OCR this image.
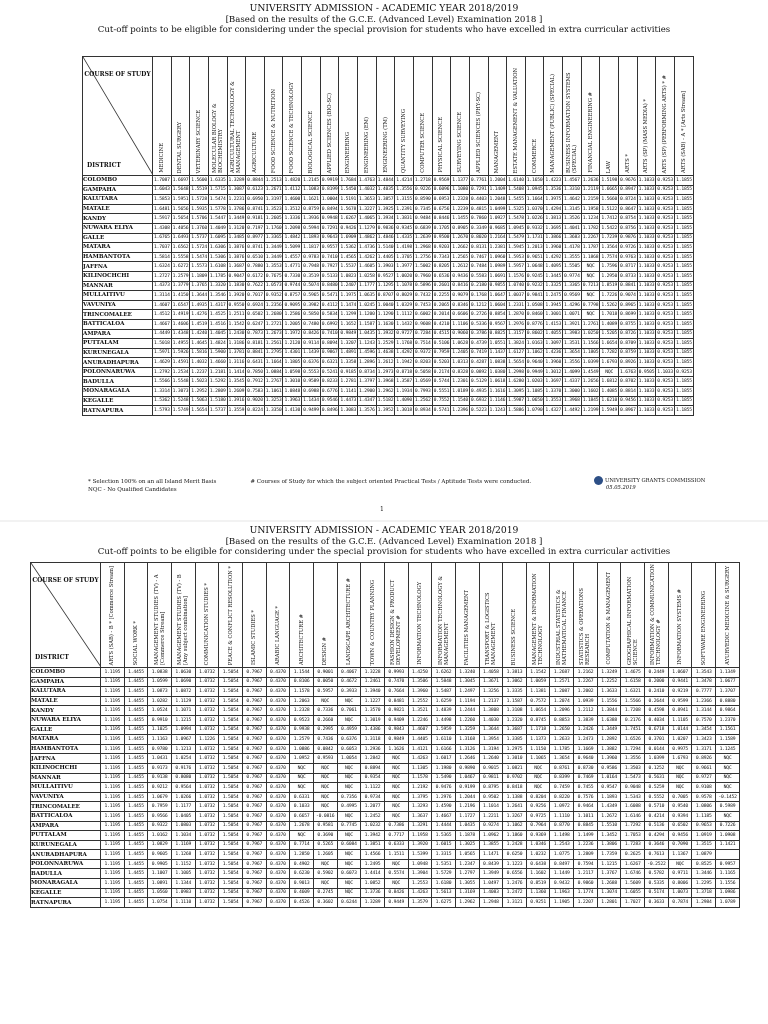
UNIVERSITY ADMISSION - ACADEMIC YEAR 2018/2019
[Based on the results of the G.C.E. (Advanced Level) Examination 2018 ]
Cut-off points to be eligible for considering under the special provision for students who have excelled in extra curricular activities
COURSE OF STUDY
DISTRICT	MEDICINE	DENTAL SURGERY	VETERINARY SCIENCE	MOLECULAR BIOLOGY & BIOCHEMISTRY	AGRICULTURAL TECHNOLOGY & MANAGEMENT	AGRICULTURE	FOOD SCIENCE & NUTRITION	FOOD SCIENCE & TECHNOLOGY	BIOLOGICAL SCIENCE	APPLIED SCIENCES (BIO-SC)	ENGINEERING	ENGINEERING (EM)	ENGINEERING (TM)	QUANTITY SURVEYING	COMPUTER SCIENCE	PHYSICAL SCIENCE	SURVEYING SCIENCE	APPLIED SCIENCES (PHY-SC)	MANAGEMENT	ESTATE MANAGEMENT & VALUATION	COMMERCE	MANAGEMENT (PUBLIC) (SPECIAL)	BUSINESS INFORMATION SYSTEMS (SPECIAL)	FINANCIAL ENGINEERING #	LAW	ARTS *	ARTS (SP) (MASS MEDIA) *	ARTS (SP) (PERFORMING ARTS) * #	ARTS (SAB) - A * [Arts Stream]

COLOMBO	1.7087	1.6697	1.5600	1.6335	1.3289	0.8844	1.2513	1.4820	1.2145	0.9919	1.7684	1.4763	1.4844	1.4214	1.2718	0.9569	1.1377	0.7761	1.2004	1.6140	1.1650	1.4223	1.4567	1.2636	1.5198	0.9676	1.1033	0.9253	1.1855
GAMPAHA	1.6043	1.5648	1.5519	1.5715	1.3087	0.6123	1.2671	1.4112	1.1083	0.8199	1.5450	1.4032	1.4035	1.3556	0.9226	0.6096	1.1080	0.7291	1.1409	1.5408	1.0945	1.3536	1.3310	1.2119	1.6665	0.8947	1.1033	0.9253	1.1855
KALUTARA	1.5853	1.5951	1.5728	1.5474	1.2231	0.6950	1.3197	1.4600	1.1621	1.0004	1.5191	1.3653	1.3857	1.3155	0.8590	0.6953	1.2328	0.4403	1.2048	1.5455	1.1664	1.3975	1.4642	1.2159	1.5660	0.8724	1.1033	0.9253	1.1855
MATALE	1.6481	1.5656	1.5935	1.5778	1.3786	0.8741	1.3523	1.3512	0.8759	0.8494	1.5678	1.3227	1.3925	1.2391	0.7345	0.6756	1.2239	0.4815	1.0499	1.5325	1.0370	1.4294	1.3145	1.1958	1.5122	0.8647	1.1033	0.9253	1.1855
KANDY	1.5917	1.5654	1.5706	1.5447	1.3449	0.9181	1.2605	1.3336	1.3936	0.9948	1.6267	1.4065	1.3934	1.3831	0.9484	0.8446	1.1455	0.7860	1.0927	1.5478	1.0226	1.3813	1.3526	1.1234	1.7412	0.8754	1.1033	0.9253	1.1855
NUWARA ELIYA	1.4308	1.4056	1.3760	1.4049	1.3120	0.7197	1.1760	1.2098	0.5994	0.7291	0.9426	1.1279	0.9836	0.9345	0.6839	0.1705	0.8905	0.3349	0.9685	1.0945	0.9332	1.3695	1.4041	1.1782	1.5422	0.8756	1.1033	0.9253	1.1855
GALLE	1.6765	1.6493	1.5737	1.6095	1.3485	0.8977	1.3365	1.4842	1.1893	0.9643	1.6909	1.4862	1.4846	1.4335	1.2639	0.9500	1.2670	0.8020	1.2164	1.5479	1.1731	1.3866	1.3683	1.2267	1.7239	0.9876	1.1033	0.9253	1.1855
MATARA	1.7037	1.6562	1.5724	1.6306	1.3876	0.8741	1.3449	1.5099	1.1817	0.9557	1.5362	1.4736	1.5140	1.4198	1.2968	0.9203	1.2662	0.8131	1.2381	1.5945	1.2013	1.3960	1.4178	1.1787	1.3564	0.9726	1.1033	0.9253	1.1855
HAMBANTOTA	1.5814	1.5558	1.5474	1.5306	1.3876	0.6510	1.3449	1.4557	0.9783	0.7410	1.4565	1.4262	1.4405	1.3705	1.2756	0.7343	1.2565	0.7467	1.0960	1.5953	0.9651	1.4292	1.3555	1.1868	1.7574	0.9763	1.1033	0.9253	1.1855
JAFFNA	1.6324	1.6272	1.5573	1.6108	1.3687	0.7880	1.3553	1.4771	0.7948	0.7927	1.5537	1.4605	1.3903	1.3977	1.5002	0.8205	1.2612	0.7484	1.0989	1.5957	1.0648	1.4095	1.5505	NQC	1.7596	0.8717	1.1033	0.9253	1.1855
KILINOCHCHI	1.2727	1.2579	1.1809	1.1785	0.9047	0.6172	0.7675	0.7330	0.3519	0.5133	1.0823	1.0258	0.9527	1.0020	0.7960	0.6536	0.9436	0.5583	1.0691	1.1576	0.9245	1.3445	0.9774	NQC	1.2950	0.8733	1.1033	0.9253	1.1855
MANNAR	1.4373	1.3779	1.3765	1.3320	1.1830	0.7622	1.0573	0.9744	0.5074	0.8480	1.2407	1.1777	1.1295	1.1078	0.5896	0.2601	0.8416	0.2180	0.9855	1.0740	0.9232	1.3325	1.3365	0.7213	1.8519	0.8841	1.1033	0.9253	1.1855
MULLAITIVU	1.3114	1.4150	1.3644	1.3546	1.3920	0.7017	0.9352	0.8757	0.5965	0.5471	1.1975	1.0635	0.8707	0.8029	0.7432	0.2255	0.9079	0.1768	1.0647	1.0037	0.9841	1.2475	0.9569	NQC	1.7226	0.9074	1.1033	0.9253	1.1855
VAVUNIYA	1.4607	1.6547	1.4935	1.4317	0.9550	0.6924	1.2356	0.9095	0.3982	0.4112	1.1474	1.0245	1.0040	1.0329	0.7453	0.2065	0.8346	0.1212	1.0604	1.2331	1.0508	1.3945	1.4296	0.7798	1.5262	0.8965	1.1033	0.9253	1.1855
TRINCOMALEE	1.4512	1.4919	1.4276	1.4525	1.2511	0.6502	1.2680	1.2586	0.5850	0.5834	1.1299	1.1200	1.1290	1.1112	0.6002	0.2014	0.6606	0.2726	0.8854	1.2870	0.8460	1.3001	1.0071	NQC	1.7018	0.8699	1.1033	0.9253	1.1855
BATTICALOA	1.4667	1.4606	1.4519	1.4516	1.1542	0.6247	1.2721	1.2005	0.7480	0.6992	1.1652	1.1587	1.1630	1.1432	0.9608	0.4210	1.1106	0.5336	0.9567	1.2976	0.8776	1.4153	1.3921	1.2761	1.4089	0.8755	1.1033	0.9253	1.1855
AMPARA	1.4449	1.4348	1.4240	1.4045	1.2430	0.7873	1.2673	1.1972	0.8426	0.7410	0.9849	1.0435	1.3932	0.9727	0.7284	0.4515	0.9060	0.3786	0.8825	1.3157	0.8602	1.4055	1.3983	1.0250	1.5205	0.8726	1.1033	0.9253	1.1855
PUTTALAM	1.5018	1.4955	1.4645	1.4824	1.3186	0.8181	1.2561	1.2120	0.9114	0.8094	1.3207	1.1243	1.2529	1.1768	0.7514	0.5106	1.0628	0.4739	1.0551	1.3824	1.0163	1.3097	1.3531	1.1566	1.6654	0.8709	1.1033	0.9253	1.1855
KURUNEGALA	1.5971	1.5926	1.5816	1.5900	1.3781	0.8841	1.2795	1.4301	1.1439	0.9867	1.4891	1.4596	1.4638	1.4292	0.9372	0.7959	1.2405	0.7419	1.1437	1.6127	1.1062	1.4236	1.3654	1.1805	1.7282	0.8759	1.1033	0.9253	1.1855
ANURADHAPURA	1.4629	1.4591	1.4032	1.4660	1.3116	0.6431	1.1664	1.1805	0.6376	0.6321	1.3358	1.2896	1.2612	1.1942	0.8203	0.5203	1.0313	0.4287	1.0838	1.5654	0.9640	1.3960	1.3556	1.0399	1.6793	0.8926	1.1033	0.9253	1.1855
POLONNARUWA	1.2792	1.2534	1.2237	1.2181	1.1414	0.7850	1.0884	1.0598	0.5553	0.5241	0.9185	0.8734	1.2973	0.8718	0.5058	0.2174	0.8328	0.0892	1.0380	1.2998	0.9949	1.3012	1.4099	1.4549	NQC	1.6763	0.9505	1.1033	0.9253
BADULLA	1.5566	1.5548	1.5023	1.5292	1.3545	0.7912	1.2767	1.3010	0.9589	0.8233	1.2781	1.3797	1.3968	1.3587	1.0569	0.5744	1.2301	0.5129	1.0618	1.6280	1.0203	1.3697	1.4337	1.2656	1.6812	0.8702	1.1033	0.9253	1.1855
MONARAGALA	1.3314	1.3073	1.2952	1.2809	1.2609	0.7583	1.1061	1.0848	0.6988	0.6776	1.1141	1.2900	1.2962	1.1934	0.7993	0.5551	1.0189	0.4935	1.1616	1.3095	1.1085	1.3370	1.3000	1.1602	1.4085	0.8814	1.1033	0.9253	1.1855
KEGALLE	1.5362	1.5248	1.5063	1.5180	1.3916	0.9020	1.3253	1.3963	1.1434	0.9546	1.4473	1.4347	1.5182	1.4090	1.2562	0.7552	1.1540	0.6932	1.1146	1.5987	1.0650	1.3553	1.3968	1.1845	1.6210	0.9456	1.1033	0.9253	1.1855
RATNAPURA	1.5793	1.5749	1.5654	1.5737	1.3559	0.8224	1.3350	1.4130	0.9499	0.8496	1.3083	1.3576	1.3952	1.3018	0.8934	0.5741	1.2396	0.5223	1.1243	1.5886	1.0790	1.4327	1.4492	1.2199	1.5949	0.8967	1.1033	0.9253	1.1855
* Selection 100% on an all Island Merit Basis	# Courses of Study for which the subject oriented Practical Tests / Aptitude Tests were conducted.
NQC - No Qualified Candidates
UNIVERSITY GRANTS COMMISSION
05.05.2019
1
UNIVERSITY ADMISSION - ACADEMIC YEAR 2018/2019
[Based on the results of the G.C.E. (Advanced Level) Examination 2018 ]
Cut-off points to be eligible for considering under the special provision for students who have excelled in extra curricular activities
COURSE OF STUDY
DISTRICT	ARTS (SAB) - B * [Commerce Stream]	SOCIAL WORK *	MANAGEMENT STUDIES (TV) - A [Commerce Stream]	MANAGEMENT STUDIES (TV) - B [Any subject combination]	COMMUNICATION STUDIES *	PEACE & CONFLICT RESOLUTION *	ISLAMIC STUDIES *	ARABIC LANGUAGE *	ARCHITECTURE #	DESIGN #	LANDSCAPE ARCHITECTURE #	TOWN & COUNTRY PLANNING	FASHION DESIGN & PRODUCT DEVELOPMENT #	INFORMATION TECHNOLOGY	INFORMATION TECHNOLOGY & MANAGEMENT	FACILITIES MANAGEMENT	TRANSPORT & LOGISTICS MANAGEMENT	BUSINESS SCIENCE	MANAGEMENT & INFORMATION TECHNOLOGY	INDUSTRIAL STATISTICS & MATHEMATICAL FINANCE	STATISTICS & OPERATIONS RESEARCH	COMPUTATION & MANAGEMENT	GEOGRAPHICAL INFORMATION SCIENCE	INFORMATION & COMMUNICATION TECHNOLOGY #	INFORMATION SYSTEMS #	SOFTWARE ENGINEERING	AYURVEDIC MEDICINE & SURGERY

COLOMBO	1.1195	1.4455	1.0838	1.0630	1.0732	1.5054	0.7967	0.4370	1.1544	0.9001	0.4067	1.3228	0.9993	1.4250	1.6262	1.3240	1.4058	1.3813	1.1542	1.2687	1.2162	1.3249	1.4675	0.2449	1.0607	1.3543	1.1349
GAMPAHA	1.1195	1.4455	1.0599	1.0690	1.0732	1.5054	0.7967	0.4370	0.8106	0.0050	0.4672	1.2461	0.7470	1.3506	1.5848	1.3045	1.3671	1.3062	1.0059	1.2571	1.2267	1.2252	1.6158	0.2000	0.9441	1.3478	1.0677
KALUTARA	1.1195	1.4455	1.0873	1.0872	1.0732	1.5054	0.7967	0.4370	1.1578	0.5957	0.3933	1.3940	0.7664	1.3960	1.5487	1.2497	1.3256	1.3335	1.1381	1.2087	1.2002	1.3633	1.6321	0.2410	0.9219	0.7777	1.3707
MATALE	1.1195	1.4455	1.0282	1.1129	1.0732	1.5054	0.7967	0.4370	1.2063	NQC	NQC	1.1227	0.8481	1.2552	1.6259	1.1194	1.2137	1.1587	0.7572	1.2074	1.0939	1.1556	1.5566	0.2644	0.9599	1.2366	0.8880
KANDY	1.1195	1.4455	1.0524	1.1071	1.0732	1.5054	0.7967	0.4370	1.2328	0.7336	0.7061	1.3570	0.9821	1.3521	1.4839	1.2444	1.3808	1.3108	1.0654	1.2096	1.2112	1.3844	1.7208	0.4598	0.8941	1.3144	0.9864
NUWARA ELIYA	1.1195	1.4455	0.9910	1.1215	1.0732	1.5054	0.7967	0.4370	0.9523	0.2660	NQC	1.3019	0.9409	1.2246	1.4498	1.2260	1.4030	1.2320	0.8745	0.8853	1.3839	1.6388	0.2176	0.4034	1.1105	0.7570	1.2370
GALLE	1.1195	1.4455	1.1025	1.0994	1.0732	1.5054	0.7967	0.4370	0.9938	0.2995	0.4959	1.4386	0.9843	1.4607	1.5959	1.3259	1.3644	1.3687	1.1718	1.2650	1.2426	1.3449	1.7451	0.6718	1.0144	1.3454	1.1561
MATARA	1.1195	1.4455	1.1163	1.0967	1.1226	1.5054	0.7967	0.4370	1.2579	0.7436	0.6376	1.3118	0.9849	1.4405	1.6110	1.3168	1.3954	1.3385	1.1373	1.2633	1.2473	1.2892	1.6526	0.3701	1.0207	1.3423	1.1589
HAMBANTOTA	1.1195	1.4455	0.9780	1.1213	1.0732	1.5054	0.7967	0.4370	1.0886	0.0842	0.6053	1.2936	1.1626	1.4121	1.6166	1.3126	1.3194	1.2975	1.1150	1.1785	1.1669	1.3882	1.7294	0.0144	0.9975	1.3171	1.1245
JAFFNA	1.1195	1.4455	1.0431	1.0254	1.0732	1.5054	0.7967	0.4370	1.0952	0.9593	1.0054	1.2842	NQC	1.4263	1.6017	1.2646	1.2640	1.3010	1.1065	1.3654	0.9640	1.3960	1.3556	1.0399	1.6793	0.8926	NQC
KILINOCHCHI	1.1195	1.4455	0.9173	0.9176	1.0732	1.5054	0.7967	0.4370	NQC	NQC	NQC	0.8894	NQC	1.1305	1.1980	0.9890	0.9015	1.0821	NQC	0.8761	0.8730	0.9586	1.3503	0.1252	NQC	0.9661	NQC
MANNAR	1.1195	1.4455	0.9138	0.8080	1.0732	1.5054	0.7967	0.4370	NQC	NQC	NQC	0.9354	NQC	1.1578	1.5490	1.0467	0.9811	0.9702	NQC	0.8399	0.7469	1.0164	1.5473	0.5631	NQC	0.9727	NQC
MULLAITIVU	1.1195	1.4455	0.9212	0.9564	1.0732	1.5054	0.7967	0.4370	NQC	NQC	NQC	1.1122	NQC	1.2192	0.9476	0.9199	0.8795	0.8418	NQC	0.7459	0.7455	0.9547	0.9048	0.5259	NQC	0.9108	NQC
VAVUNIYA	1.1195	1.4455	1.0679	1.0266	1.0732	1.5054	0.7967	0.4370	0.6331	NQC	0.7356	0.9734	NQC	1.3795	1.2976	1.2044	0.9502	1.1388	0.8204	0.8220	0.7576	1.1893	1.5343	0.5552	0.7005	0.9578	-0.1452
TRINCOMALEE	1.1195	1.4455	0.7959	1.1177	1.0732	1.5054	0.7967	0.4370	0.1033	NQC	0.4995	1.2077	NQC	1.3293	1.4590	1.2196	1.1014	1.2641	0.9256	1.0972	0.9464	1.4349	1.6088	0.5710	0.9540	1.0806	0.5989
BATTICALOA	1.1195	1.4455	0.9566	1.0405	1.0732	1.5054	0.7967	0.4370	0.6657	-0.0816	NQC	1.2452	NQC	1.3637	1.4667	1.1727	1.2211	1.3267	0.9725	1.1110	1.1011	1.2672	1.6146	0.4214	0.9394	1.1185	NQC
AMPARA	1.1195	1.4455	0.9322	1.0803	1.0732	1.5054	0.7967	0.4370	1.2678	0.9581	0.7745	1.0232	0.7386	1.3291	1.4444	1.0435	0.9274	1.1062	0.7964	0.8770	0.8845	1.5510	1.7292	0.5136	0.6502	0.9653	0.7226
PUTTALAM	1.1195	1.4455	1.0162	1.1034	1.0732	1.5054	0.7967	0.4370	NQC	0.3690	NQC	1.3942	0.7717	1.1958	1.5365	1.1878	1.0962	1.1860	0.9369	1.1498	1.1499	1.3452	1.7053	0.4294	0.9456	1.0919	1.0908
KURUNEGALA	1.1195	1.4455	1.0829	1.1169	1.0732	1.5054	0.7967	0.4370	0.7714	0.5265	0.6084	1.3851	0.6333	1.3920	1.6015	1.3025	1.3855	1.2428	1.0346	1.2543	1.2236	1.3806	1.7283	0.3646	0.7090	1.3515	1.1421
ANURADHAPURA	1.1195	1.4455	0.9605	1.1268	1.0732	1.5054	0.7967	0.4370	1.2850	1.2605	NQC	1.4566	1.1511	1.5399	1.3315	1.0565	1.1471	0.6250	1.0232	1.0775	1.2809	1.7359	0.2625	0.7613	1.1367	1.0879	
POLONNARUWA	1.1195	1.4455	0.9905	1.1152	1.0732	1.5054	0.7967	0.4370	0.4902	NQC	NQC	1.2495	NQC	1.0948	1.5351	1.2347	0.8439	1.1223	0.6438	0.8497	0.7594	1.1215	1.6267	-0.2522	NQC	0.8525	0.9957
BADULLA	1.1195	1.4455	1.1007	1.1005	1.0732	1.5054	0.7967	0.4370	0.6230	0.5902	0.6073	1.4414	0.5574	1.3904	1.5729	1.2797	1.3949	0.6556	1.1602	1.1449	1.2117	1.3767	1.6746	0.5782	0.9711	1.3446	1.1165
MONARAGALA	1.1195	1.4455	1.0891	1.1344	1.0732	1.5054	0.7967	0.4370	0.9013	NQC	NQC	1.0852	NQC	1.2553	1.6180	1.3055	1.0497	1.2476	0.8519	0.9432	0.9860	1.2688	1.5609	0.5335	0.8006	1.2295	1.1556
KEGALLE	1.1195	1.4455	1.0560	1.0983	1.0732	1.5054	0.7967	0.4370	0.4609	0.2745	NQC	1.3736	0.8426	1.4263	1.5613	1.3169	1.4083	1.2472	1.1360	1.1963	1.1774	1.3074	1.6055	0.5174	1.0073	1.3718	1.0986
RATNAPURA	1.1195	1.4455	1.0754	1.1110	1.0732	1.5054	0.7967	0.4370	0.4526	0.3602	0.6244	1.3289	0.9449	1.3579	1.6275	1.2962	1.2948	1.3121	0.9251	1.1905	1.2207	1.2801	1.7027	0.3633	0.7874	1.2984	1.0789
